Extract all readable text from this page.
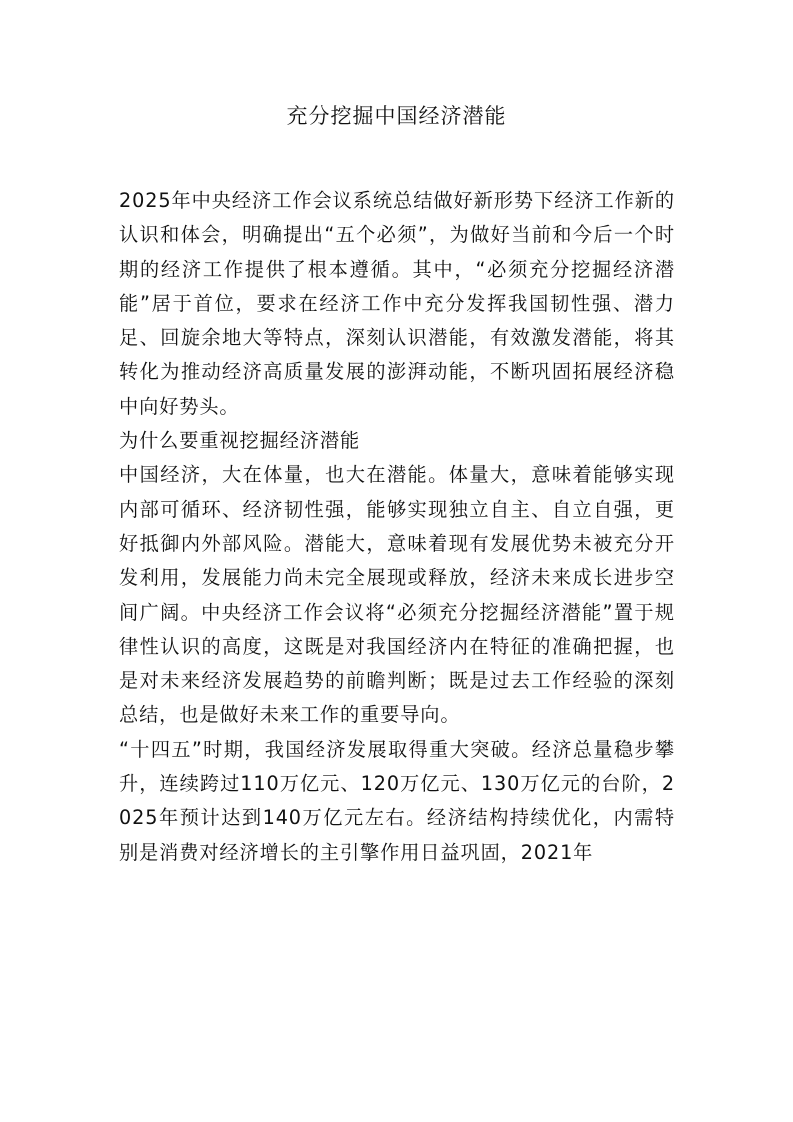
充分挖掘中国经济潜能

2025年中央经济工作会议系统总结做好新形势下经济工作新的认识和体会，明确提出“五个必须”，为做好当前和今后一个时期的经济工作提供了根本遵循。其中，“必须充分挖掘经济潜能”居于首位，要求在经济工作中充分发挥我国韧性强、潜力足、回旋余地大等特点，深刻认识潜能，有效激发潜能，将其转化为推动经济高质量发展的澎湃动能，不断巩固拓展经济稳中向好势头。

为什么要重视挖掘经济潜能

中国经济，大在体量，也大在潜能。体量大，意味着能够实现内部可循环、经济韧性强，能够实现独立自主、自立自强，更好抵御内外部风险。潜能大，意味着现有发展优势未被充分开发利用，发展能力尚未完全展现或释放，经济未来成长进步空间广阔。中央经济工作会议将“必须充分挖掘经济潜能”置于规律性认识的高度，这既是对我国经济内在特征的准确把握，也是对未来经济发展趋势的前瞻判断；既是过去工作经验的深刻总结，也是做好未来工作的重要导向。

“十四五”时期，我国经济发展取得重大突破。经济总量稳步攀升，连续跨过110万亿元、120万亿元、130万亿元的台阶，2025年预计达到140万亿元左右。经济结构持续优化，内需特别是消费对经济增长的主引擎作用日益巩固，2021年
